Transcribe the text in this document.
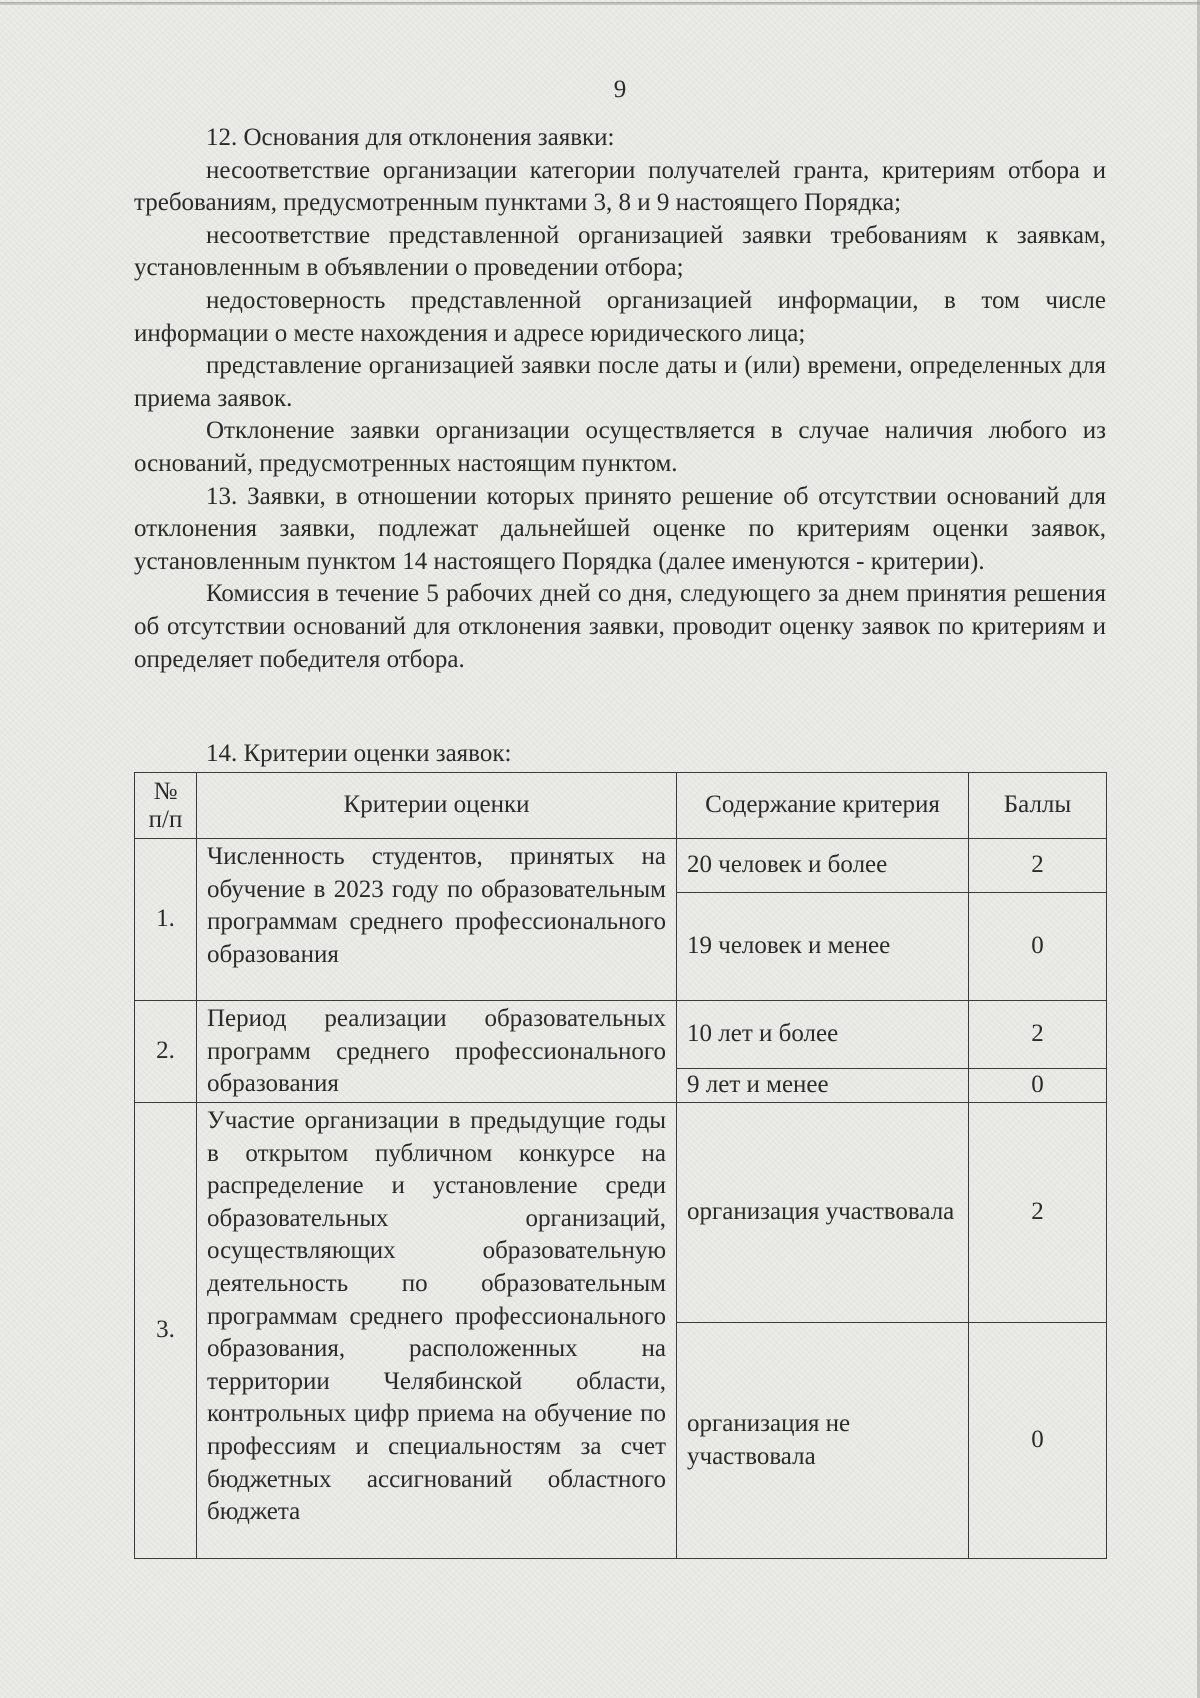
9

12. Основания для отклонения заявки:

несоответствие организации категории получателей гранта, критериям отбора и требованиям, предусмотренным пунктами 3, 8 и 9 настоящего Порядка;

несоответствие представленной организацией заявки требованиям к заявкам, установленным в объявлении о проведении отбора;

недостоверность представленной организацией информации, в том числе информации о месте нахождения и адресе юридического лица;

представление организацией заявки после даты и (или) времени, определенных для приема заявок.

Отклонение заявки организации осуществляется в случае наличия любого из оснований, предусмотренных настоящим пунктом.

13. Заявки, в отношении которых принято решение об отсутствии оснований для отклонения заявки, подлежат дальнейшей оценке по критериям оценки заявок, установленным пунктом 14 настоящего Порядка (далее именуются - критерии).

Комиссия в течение 5 рабочих дней со дня, следующего за днем принятия решения об отсутствии оснований для отклонения заявки, проводит оценку заявок по критериям и определяет победителя отбора.

14. Критерии оценки заявок:
№ п/п	Критерии оценки	Содержание критерия	Баллы
1.	Численность студентов, принятых на обучение в 2023 году по образовательным программам среднего профессионального образования	20 человек и более	2
		19 человек и менее	0
2.	Период реализации образовательных программ среднего профессионального образования	10 лет и более	2
		9 лет и менее	0
3.	Участие организации в предыдущие годы в открытом публичном конкурсе на распределение и установление среди образовательных организаций, осуществляющих образовательную деятельность по образовательным программам среднего профессионального образования, расположенных на территории Челябинской области, контрольных цифр приема на обучение по профессиям и специальностям за счет бюджетных ассигнований областного бюджета	организация участвовала	2
		организация не участвовала	0
